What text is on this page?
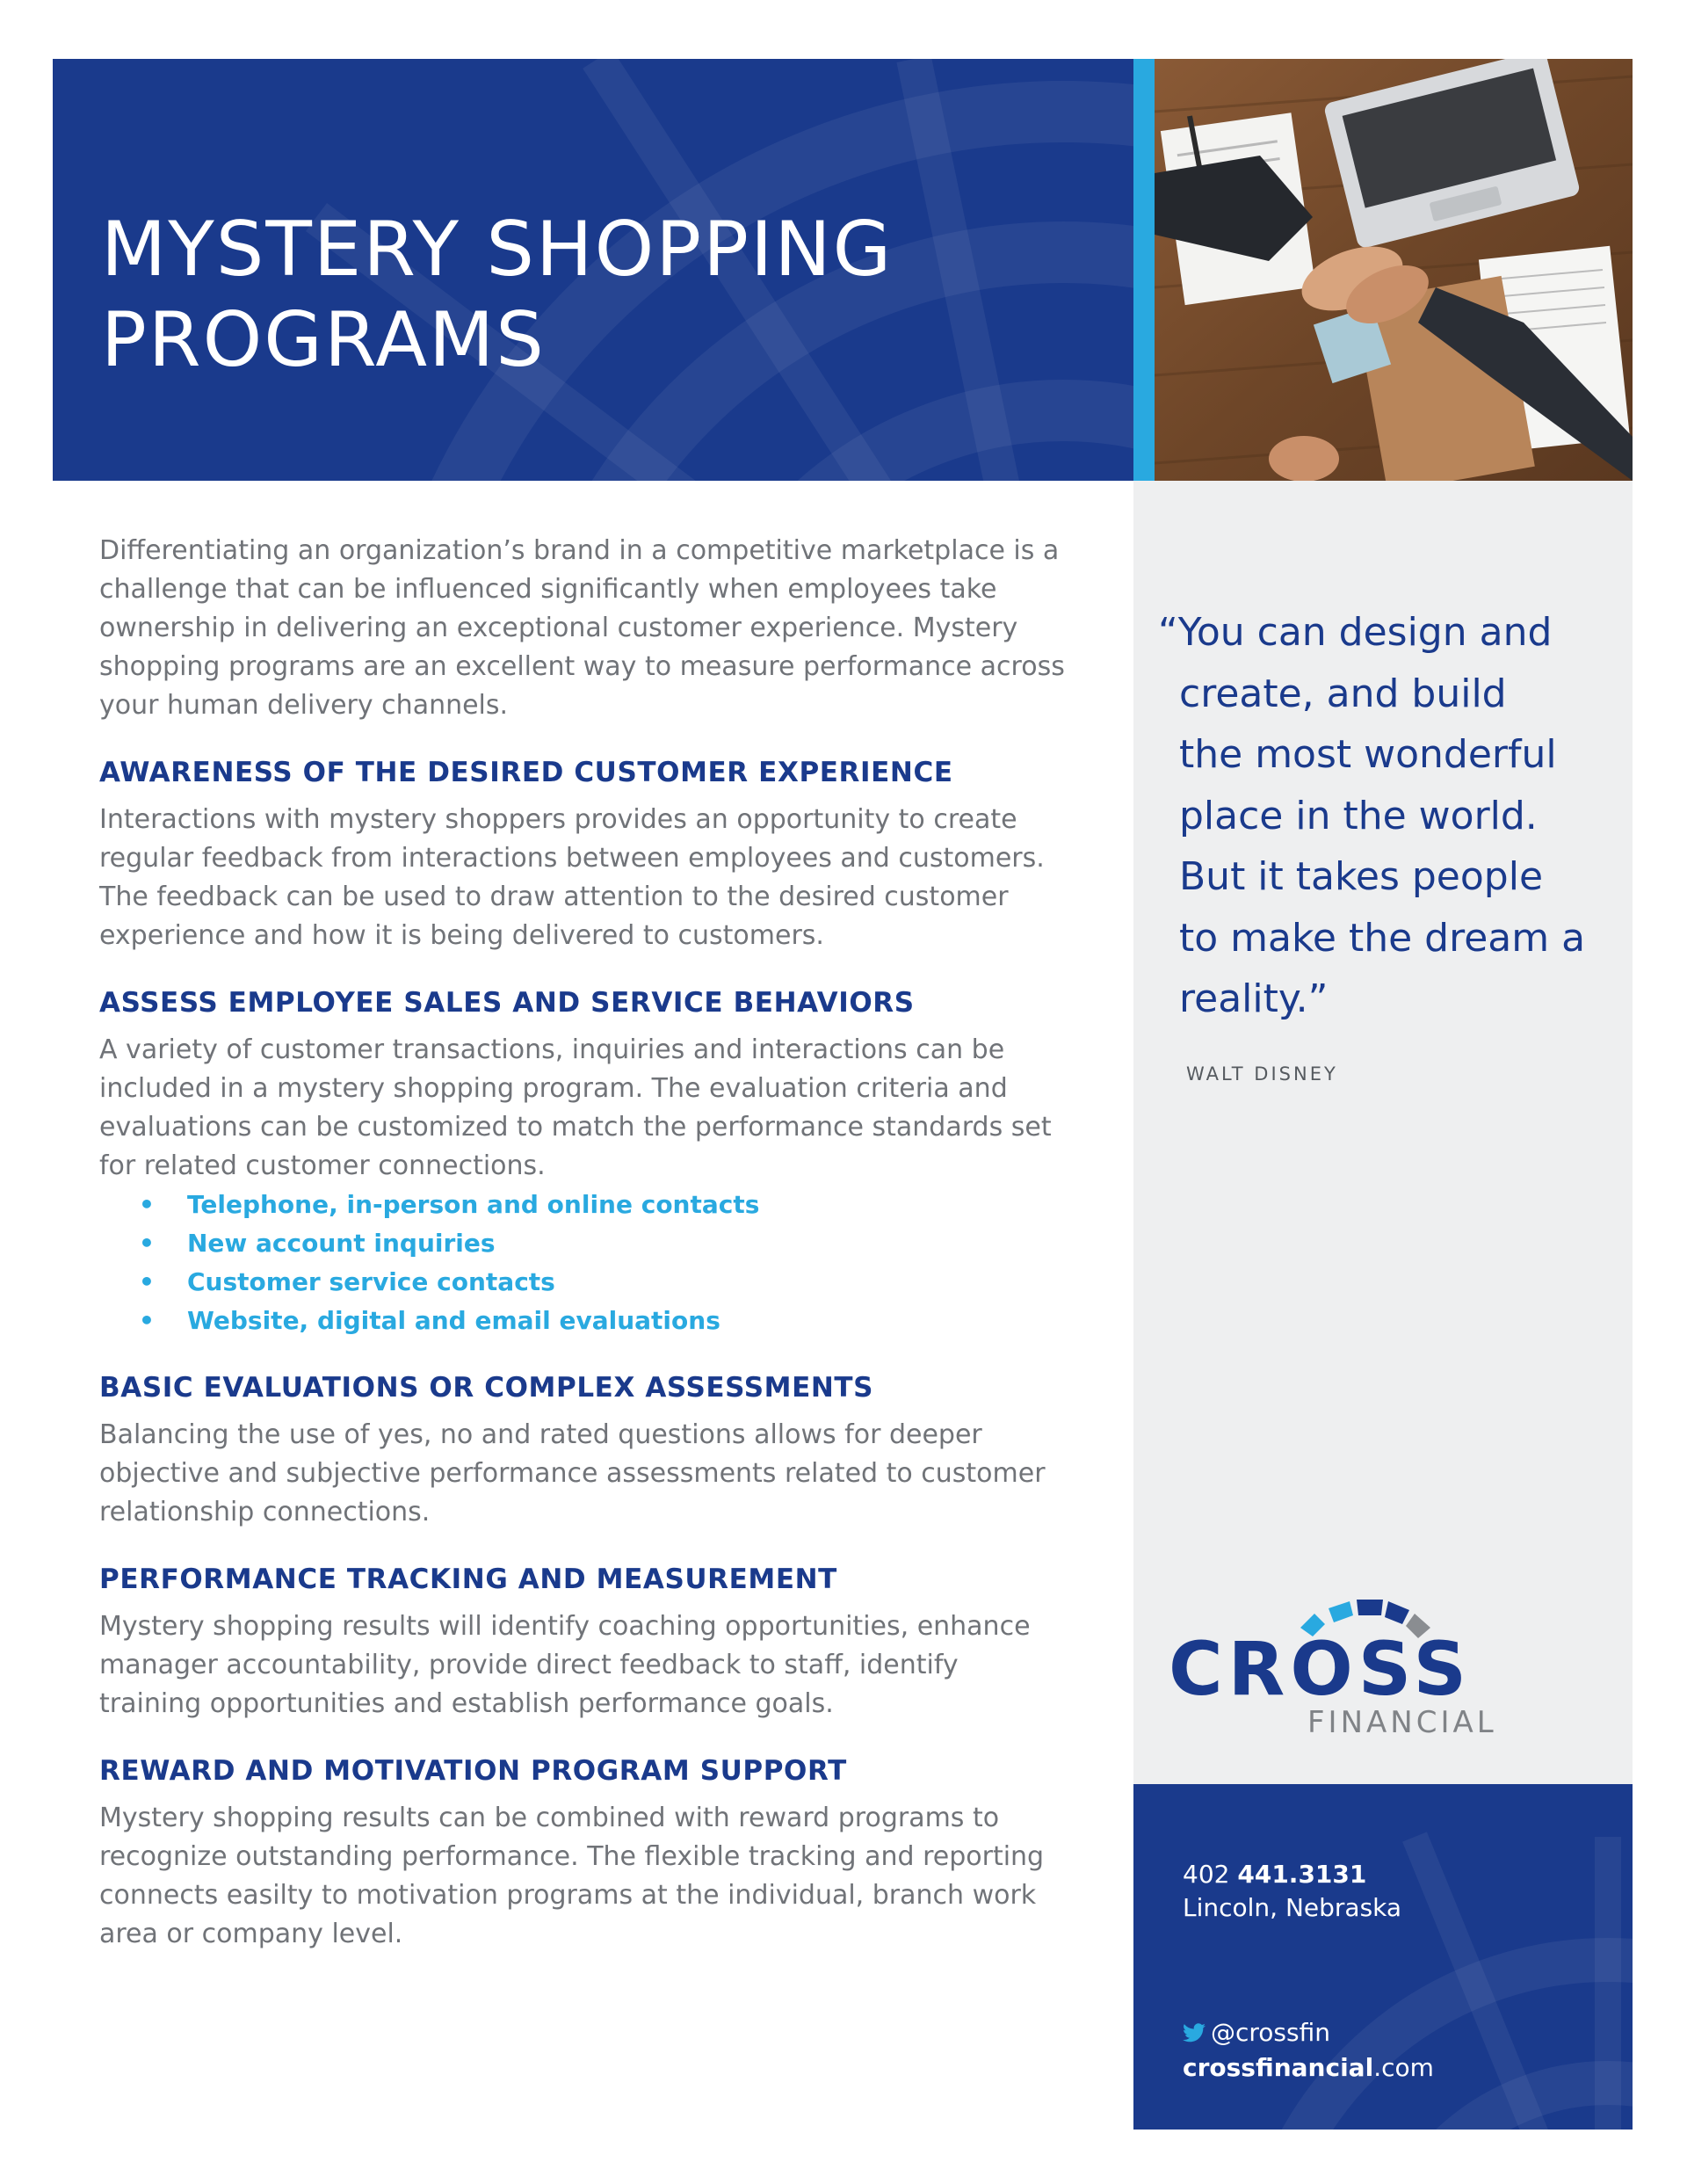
MYSTERY SHOPPING
PROGRAMS

“You can design and
create, and build
the most wonderful
place in the world.
But it takes people
to make the dream a
reality.”

WALT DISNEY
CROSS
FINANCIAL
402 441.3131
Lincoln, Nebraska
@crossfin
crossfinancial.com

Differentiating an organization’s brand in a competitive marketplace is a challenge that can be influenced significantly when employees take ownership in delivering an exceptional customer experience. Mystery shopping programs are an excellent way to measure performance across your human delivery channels.

AWARENESS OF THE DESIRED CUSTOMER EXPERIENCE

Interactions with mystery shoppers provides an opportunity to create regular feedback from interactions between employees and customers. The feedback can be used to draw attention to the desired customer experience and how it is being delivered to customers.

ASSESS EMPLOYEE SALES AND SERVICE BEHAVIORS

A variety of customer transactions, inquiries and interactions can be included in a mystery shopping program. The evaluation criteria and evaluations can be customized to match the performance standards set for related customer connections.

• Telephone, in-person and online contacts
• New account inquiries
• Customer service contacts
• Website, digital and email evaluations
BASIC EVALUATIONS OR COMPLEX ASSESSMENTS

Balancing the use of yes, no and rated questions allows for deeper objective and subjective performance assessments related to customer relationship connections.

PERFORMANCE TRACKING AND MEASUREMENT

Mystery shopping results will identify coaching opportunities, enhance manager accountability, provide direct feedback to staff, identify training opportunities and establish performance goals.

REWARD AND MOTIVATION PROGRAM SUPPORT

Mystery shopping results can be combined with reward programs to recognize outstanding performance. The flexible tracking and reporting connects easilty to motivation programs at the individual, branch work area or company level.
